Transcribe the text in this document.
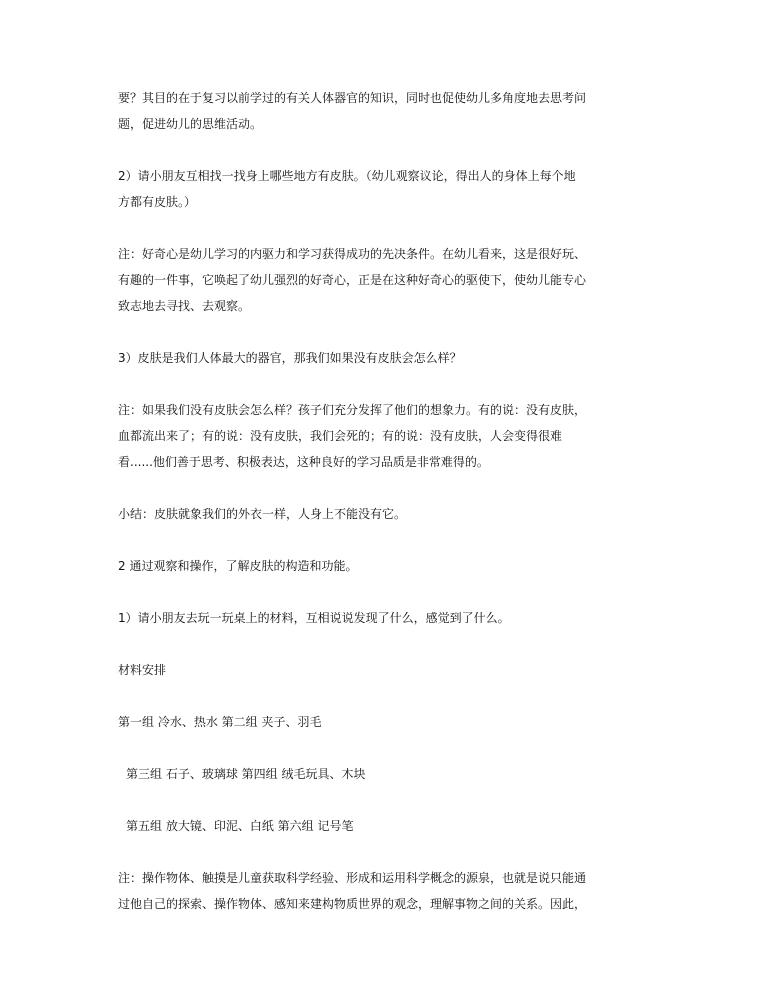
要？其目的在于复习以前学过的有关人体器官的知识，同时也促使幼儿多角度地去思考问
题，促进幼儿的思维活动。

2）请小朋友互相找一找身上哪些地方有皮肤。（幼儿观察议论，得出人的身体上每个地
方都有皮肤。）

注：好奇心是幼儿学习的内驱力和学习获得成功的先决条件。在幼儿看来，这是很好玩、
有趣的一件事，它唤起了幼儿强烈的好奇心，正是在这种好奇心的驱使下，使幼儿能专心
致志地去寻找、去观察。

3）皮肤是我们人体最大的器官，那我们如果没有皮肤会怎么样？

注：如果我们没有皮肤会怎么样？孩子们充分发挥了他们的想象力。有的说：没有皮肤，
血都流出来了；有的说：没有皮肤，我们会死的；有的说：没有皮肤，人会变得很难
看......他们善于思考、积极表达，这种良好的学习品质是非常难得的。

小结：皮肤就象我们的外衣一样，人身上不能没有它。

2 通过观察和操作，了解皮肤的构造和功能。

1）请小朋友去玩一玩桌上的材料，互相说说发现了什么，感觉到了什么。

材料安排

第一组 冷水、热水 第二组 夹子、羽毛

第三组 石子、玻璃球 第四组 绒毛玩具、木块

第五组 放大镜、印泥、白纸 第六组 记号笔

注：操作物体、触摸是儿童获取科学经验、形成和运用科学概念的源泉，也就是说只能通
过他自己的探索、操作物体、感知来建构物质世界的观念，理解事物之间的关系。因此，
